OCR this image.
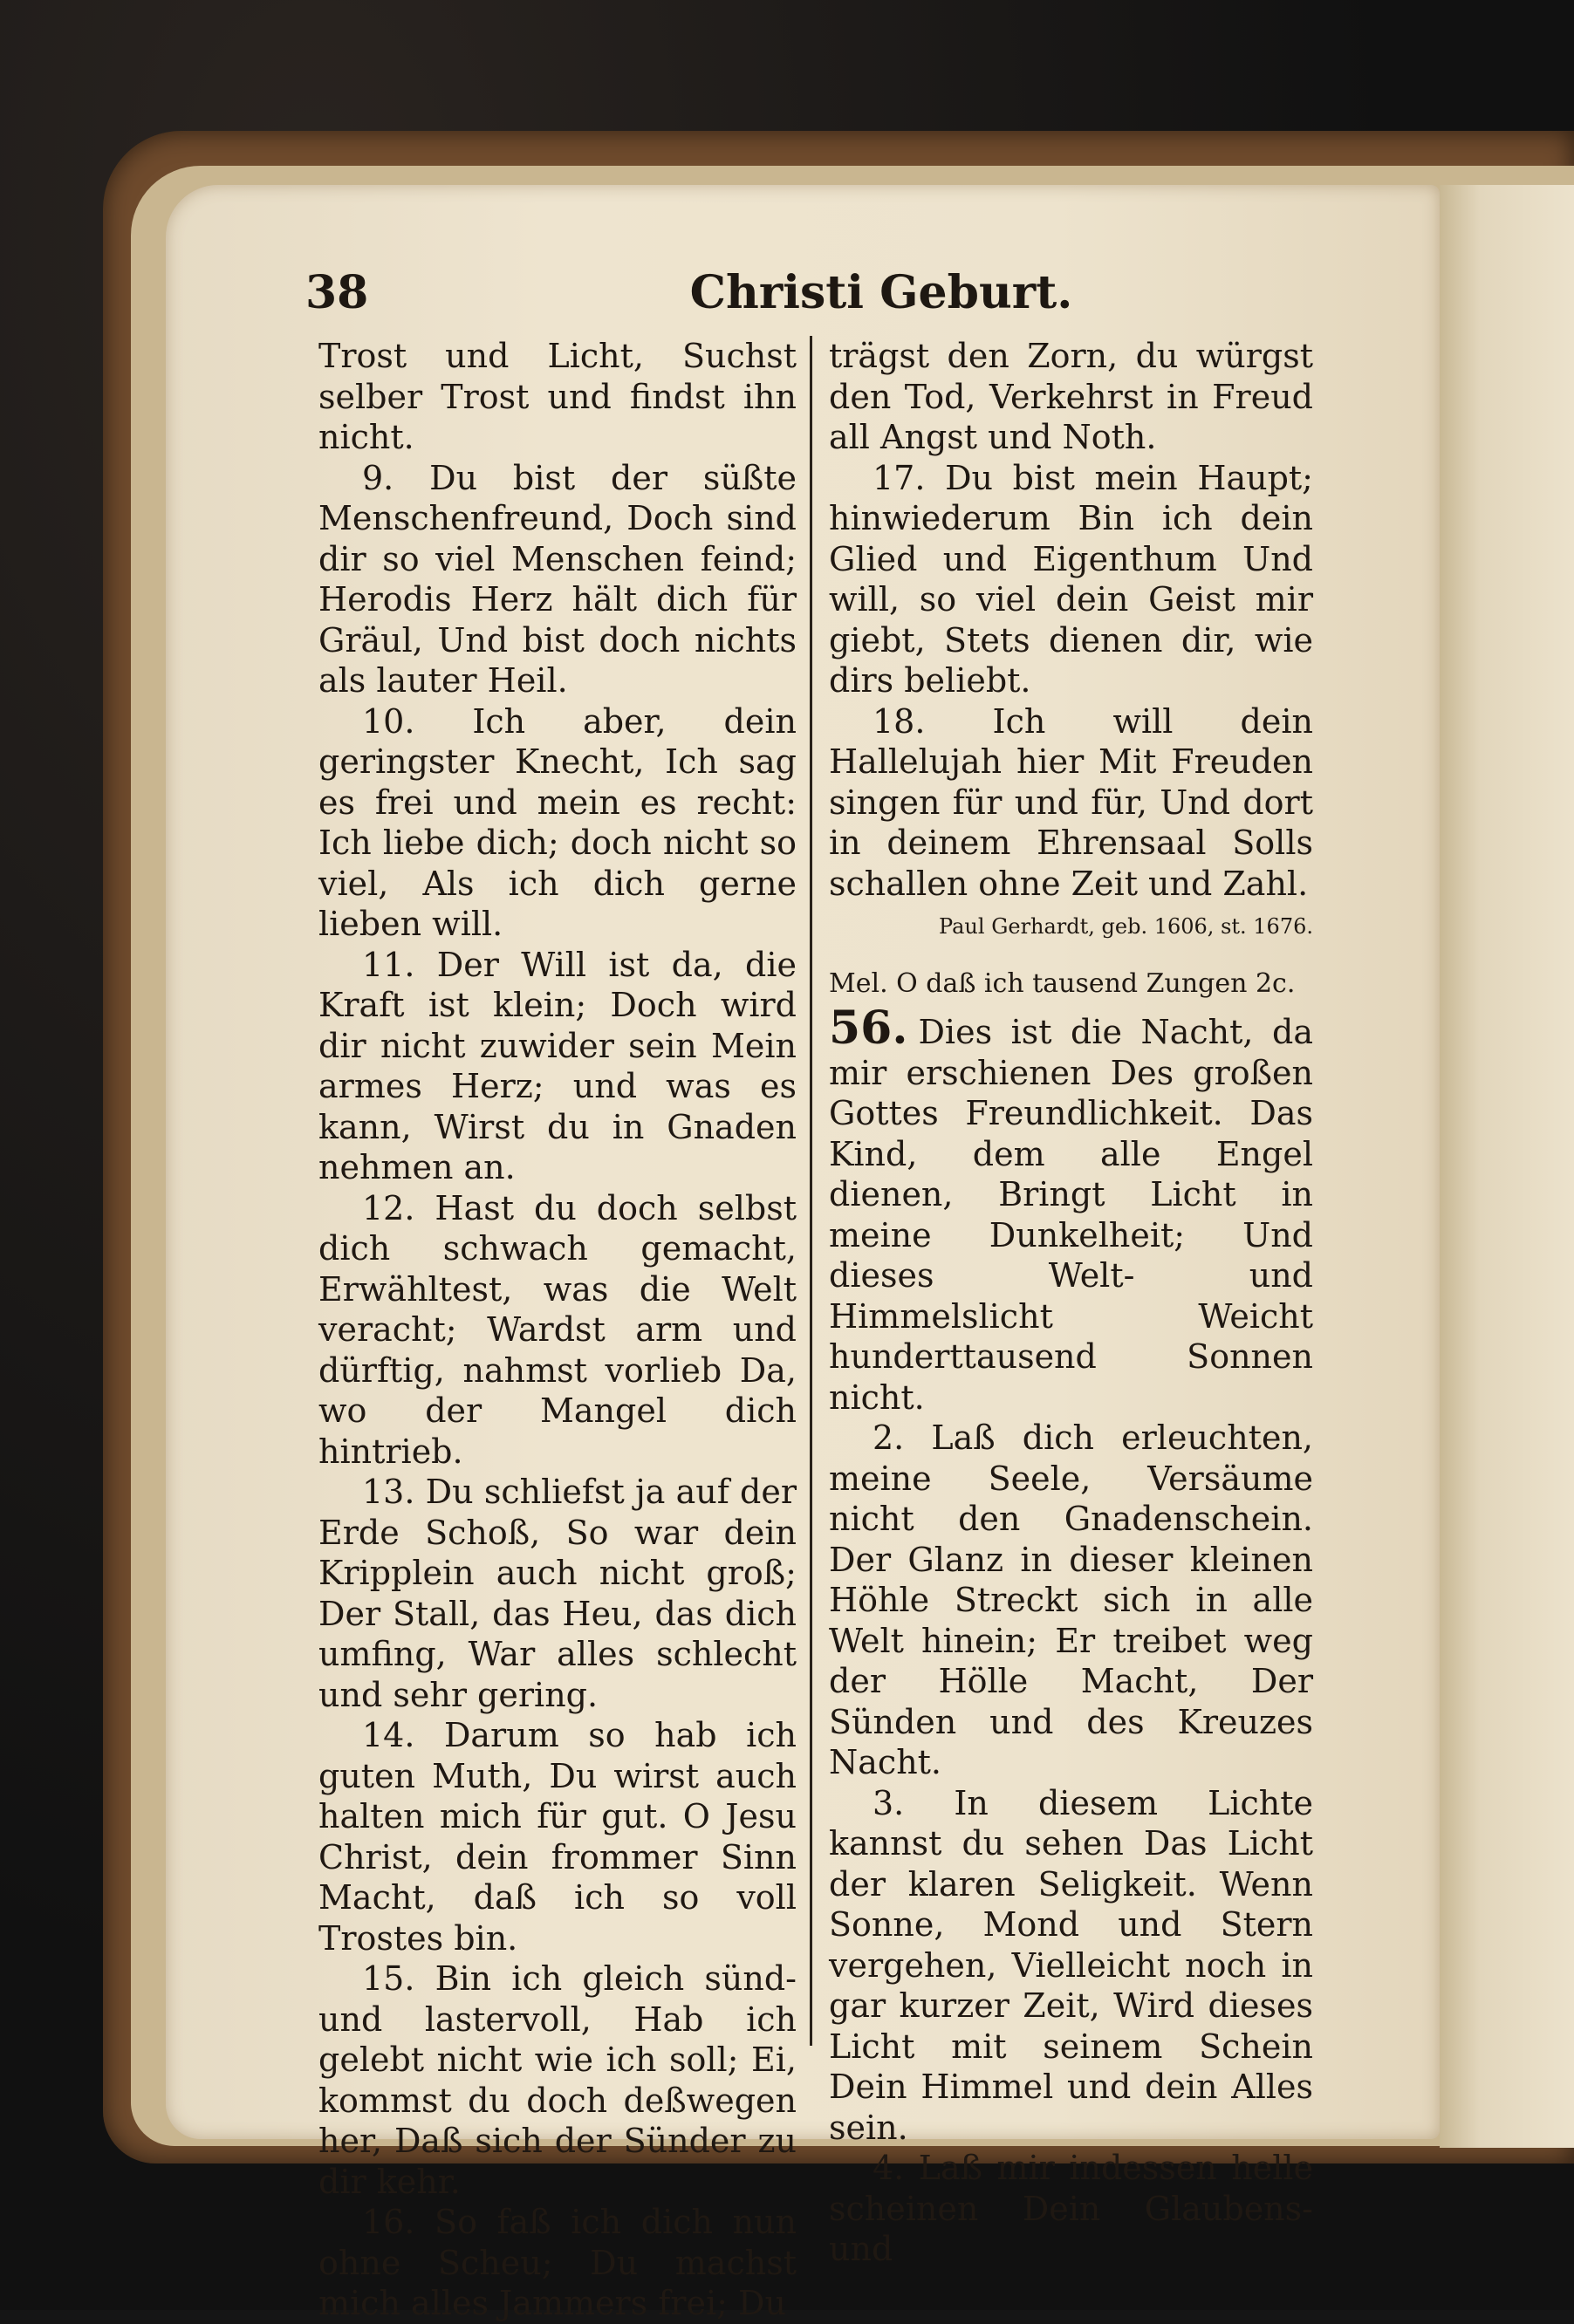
38	Christi Geburt.

Trost und Licht, Suchst selber Trost und findst ihn nicht.

9. Du bist der süßte Menschenfreund, Doch sind dir so viel Menschen feind; Herodis Herz hält dich für Gräul, Und bist doch nichts als lauter Heil.

10. Ich aber, dein geringster Knecht, Ich sag es frei und mein es recht: Ich liebe dich; doch nicht so viel, Als ich dich gerne lieben will.

11. Der Will ist da, die Kraft ist klein; Doch wird dir nicht zuwider sein Mein armes Herz; und was es kann, Wirst du in Gnaden nehmen an.

12. Hast du doch selbst dich schwach gemacht, Erwähltest, was die Welt veracht; Wardst arm und dürftig, nahmst vorlieb Da, wo der Mangel dich hintrieb.

13. Du schliefst ja auf der Erde Schoß, So war dein Kripplein auch nicht groß; Der Stall, das Heu, das dich umfing, War alles schlecht und sehr gering.

14. Darum so hab ich guten Muth, Du wirst auch halten mich für gut. O Jesu Christ, dein frommer Sinn Macht, daß ich so voll Trostes bin.

15. Bin ich gleich sünd- und lastervoll, Hab ich gelebt nicht wie ich soll; Ei, kommst du doch deßwegen her, Daß sich der Sünder zu dir kehr.

16. So faß ich dich nun ohne Scheu; Du machst mich alles Jammers frei; Du

trägst den Zorn, du würgst den Tod, Verkehrst in Freud all Angst und Noth.

17. Du bist mein Haupt; hinwiederum Bin ich dein Glied und Eigenthum Und will, so viel dein Geist mir giebt, Stets dienen dir, wie dirs beliebt.

18. Ich will dein Hallelujah hier Mit Freuden singen für und für, Und dort in deinem Ehrensaal Solls schallen ohne Zeit und Zahl.

Paul Gerhardt, geb. 1606, st. 1676.

Mel. O daß ich tausend Zungen 2c.

56. Dies ist die Nacht, da mir erschienen Des großen Gottes Freundlichkeit. Das Kind, dem alle Engel dienen, Bringt Licht in meine Dunkelheit; Und dieses Welt- und Himmelslicht Weicht hunderttausend Sonnen nicht.

2. Laß dich erleuchten, meine Seele, Versäume nicht den Gnadenschein. Der Glanz in dieser kleinen Höhle Streckt sich in alle Welt hinein; Er treibet weg der Hölle Macht, Der Sünden und des Kreuzes Nacht.

3. In diesem Lichte kannst du sehen Das Licht der klaren Seligkeit. Wenn Sonne, Mond und Stern vergehen, Vielleicht noch in gar kurzer Zeit, Wird dieses Licht mit seinem Schein Dein Himmel und dein Alles sein.

4. Laß mir indessen helle scheinen Dein Glaubens- und
